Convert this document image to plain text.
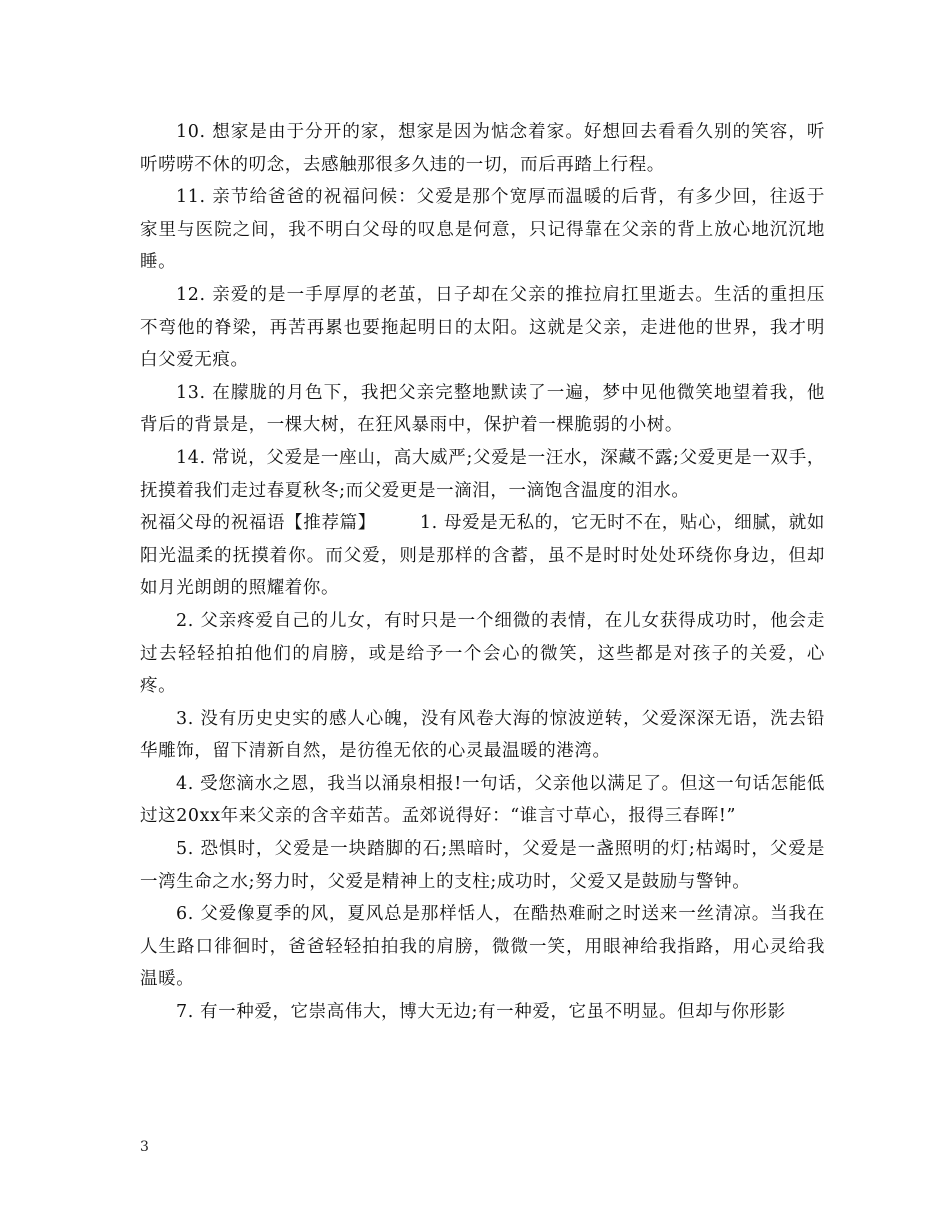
10. 想家是由于分开的家，想家是因为惦念着家。好想回去看看久别的笑容，听听唠唠不休的叨念，去感触那很多久违的一切，而后再踏上行程。

11. 亲节给爸爸的祝福问候：父爱是那个宽厚而温暖的后背，有多少回，往返于家里与医院之间，我不明白父母的叹息是何意，只记得靠在父亲的背上放心地沉沉地睡。

12. 亲爱的是一手厚厚的老茧，日子却在父亲的推拉肩扛里逝去。生活的重担压不弯他的脊梁，再苦再累也要拖起明日的太阳。这就是父亲，走进他的世界，我才明白父爱无痕。

13. 在朦胧的月色下，我把父亲完整地默读了一遍，梦中见他微笑地望着我，他背后的背景是，一棵大树，在狂风暴雨中，保护着一棵脆弱的小树。

14. 常说，父爱是一座山，高大威严;父爱是一汪水，深藏不露;父爱更是一双手，抚摸着我们走过春夏秋冬;而父爱更是一滴泪，一滴饱含温度的泪水。

祝福父母的祝福语【推荐篇】	1. 母爱是无私的，它无时不在，贴心，细腻，就如阳光温柔的抚摸着你。而父爱，则是那样的含蓄，虽不是时时处处环绕你身边，但却如月光朗朗的照耀着你。

2. 父亲疼爱自己的儿女，有时只是一个细微的表情，在儿女获得成功时，他会走过去轻轻拍拍他们的肩膀，或是给予一个会心的微笑，这些都是对孩子的关爱，心疼。

3. 没有历史史实的感人心魄，没有风卷大海的惊波逆转，父爱深深无语，洗去铅华雕饰，留下清新自然，是彷徨无依的心灵最温暖的港湾。

4. 受您滴水之恩，我当以涌泉相报!一句话，父亲他以满足了。但这一句话怎能低过这20xx年来父亲的含辛茹苦。孟郊说得好：“谁言寸草心，报得三春晖!”

5. 恐惧时，父爱是一块踏脚的石;黑暗时，父爱是一盏照明的灯;枯竭时，父爱是一湾生命之水;努力时，父爱是精神上的支柱;成功时，父爱又是鼓励与警钟。

6. 父爱像夏季的风，夏风总是那样恬人，在酷热难耐之时送来一丝清凉。当我在人生路口徘徊时，爸爸轻轻拍拍我的肩膀，微微一笑，用眼神给我指路，用心灵给我温暖。

7. 有一种爱，它崇高伟大，博大无边;有一种爱，它虽不明显。但却与你形影

3
